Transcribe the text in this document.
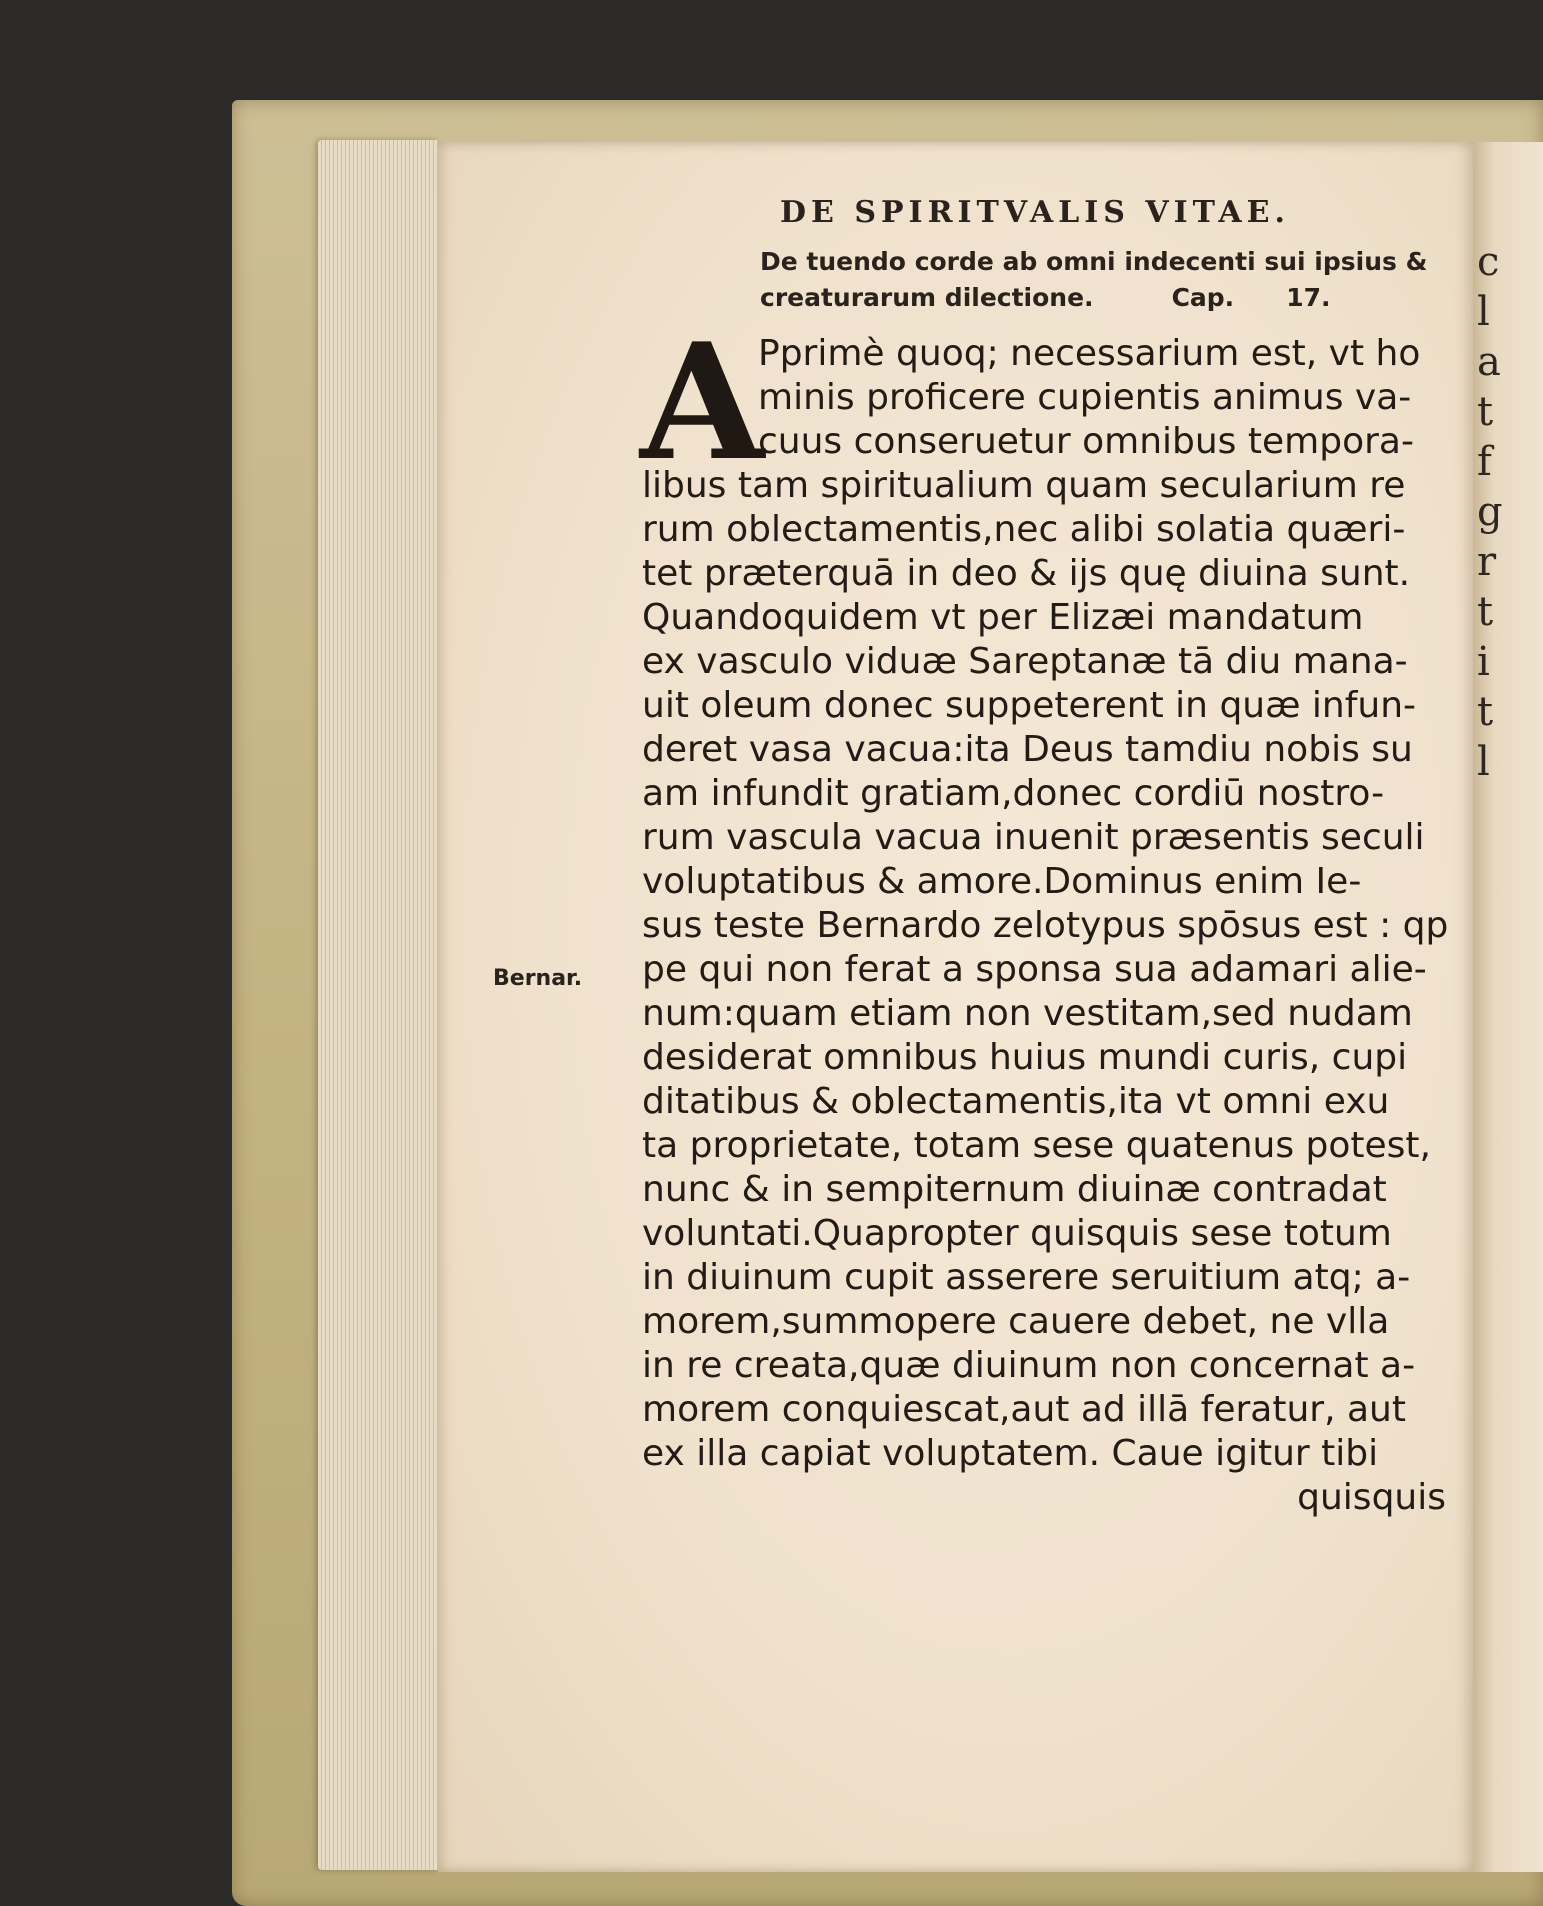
c
l
a
t
f
g
r
t
i
t
l
DE SPIRITVALIS VITAE.
De tuendo corde ab omni indecenti sui ipsius &
creaturarum dilectione.	Cap. 17.
A
Pprimè quoq; necessarium est, vt ho
minis proficere cupientis animus va-
cuus conseruetur omnibus tempora-
libus tam spiritualium quam secularium re
rum oblectamentis,nec alibi solatia quæri-
tet præterquā in deo & ijs quę diuina sunt.
Quandoquidem vt per Elizæi mandatum
ex vasculo viduæ Sareptanæ tā diu mana-
uit oleum donec suppeterent in quæ infun-
deret vasa vacua:ita Deus tamdiu nobis su
am infundit gratiam,donec cordiū nostro-
rum vascula vacua inuenit præsentis seculi
voluptatibus & amore.Dominus enim Ie-
sus teste Bernardo zelotypus spōsus est : qp
pe qui non ferat a sponsa sua adamari alie-
num:quam etiam non vestitam,sed nudam
desiderat omnibus huius mundi curis, cupi
ditatibus & oblectamentis,ita vt omni exu
ta proprietate, totam sese quatenus potest,
nunc & in sempiternum diuinæ contradat
voluntati.Quapropter quisquis sese totum
in diuinum cupit asserere seruitium atq; a-
morem,summopere cauere debet, ne vlla
in re creata,quæ diuinum non concernat a-
morem conquiescat,aut ad illā feratur, aut
ex illa capiat voluptatem. Caue igitur tibi
quisquis
Bernar.
